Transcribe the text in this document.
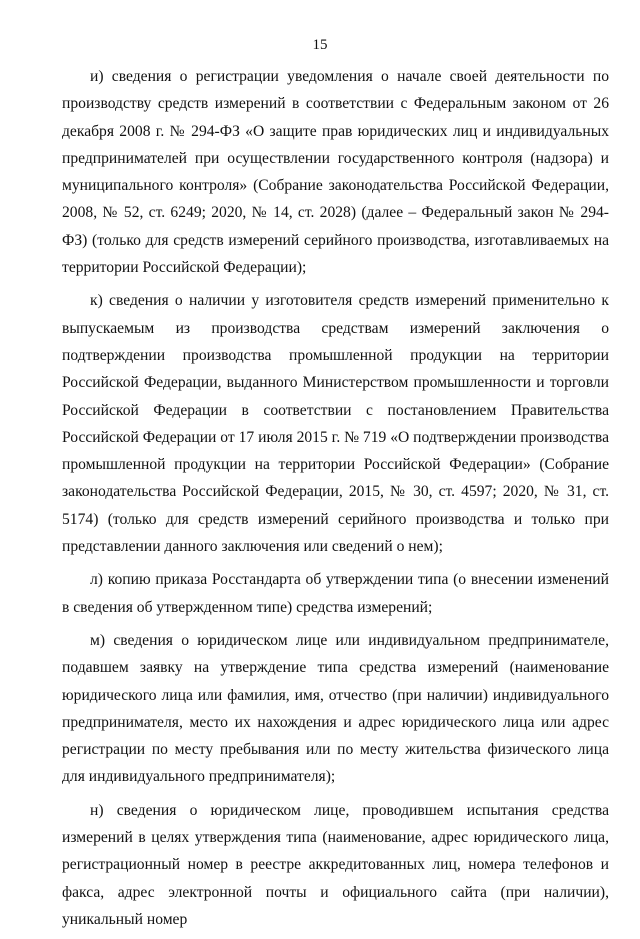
15

и) сведения о регистрации уведомления о начале своей деятельности по производству средств измерений в соответствии с Федеральным законом от 26 декабря 2008 г. № 294-ФЗ «О защите прав юридических лиц и индивидуальных предпринимателей при осуществлении государственного контроля (надзора) и муниципального контроля» (Собрание законодательства Российской Федерации, 2008, № 52, ст. 6249; 2020, № 14, ст. 2028) (далее – Федеральный закон № 294-ФЗ) (только для средств измерений серийного производства, изготавливаемых на территории Российской Федерации);

к) сведения о наличии у изготовителя средств измерений применительно к выпускаемым из производства средствам измерений заключения о подтверждении производства промышленной продукции на территории Российской Федерации, выданного Министерством промышленности и торговли Российской Федерации в соответствии с постановлением Правительства Российской Федерации от 17 июля 2015 г. № 719 «О подтверждении производства промышленной продукции на территории Российской Федерации» (Собрание законодательства Российской Федерации, 2015, № 30, ст. 4597; 2020, № 31, ст. 5174) (только для средств измерений серийного производства и только при представлении данного заключения или сведений о нем);

л) копию приказа Росстандарта об утверждении типа (о внесении изменений в сведения об утвержденном типе) средства измерений;

м) сведения о юридическом лице или индивидуальном предпринимателе, подавшем заявку на утверждение типа средства измерений (наименование юридического лица или фамилия, имя, отчество (при наличии) индивидуального предпринимателя, место их нахождения и адрес юридического лица или адрес регистрации по месту пребывания или по месту жительства физического лица для индивидуального предпринимателя);

н) сведения о юридическом лице, проводившем испытания средства измерений в целях утверждения типа (наименование, адрес юридического лица, регистрационный номер в реестре аккредитованных лиц, номера телефонов и факса, адрес электронной почты и официального сайта (при наличии), уникальный номер
